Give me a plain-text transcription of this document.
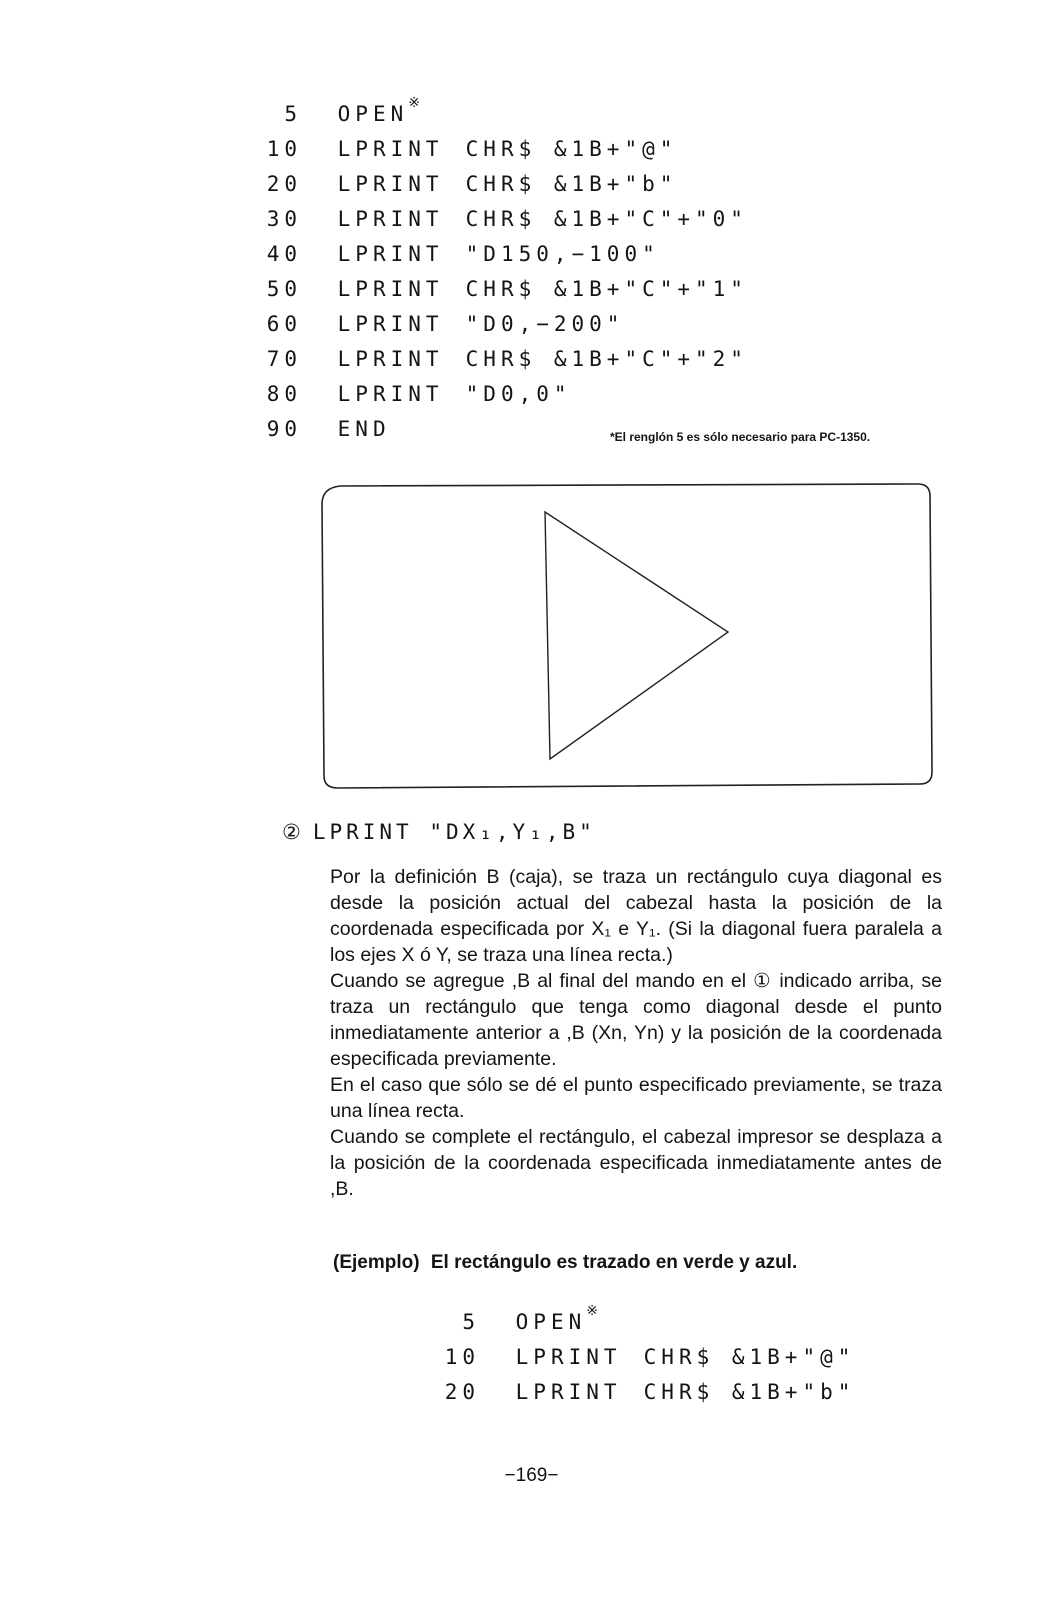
5 OPEN※
10 LPRINT CHR$ &1B+"@"
20 LPRINT CHR$ &1B+"b"
30 LPRINT CHR$ &1B+"C"+"0"
40 LPRINT "D150,−100"
50 LPRINT CHR$ &1B+"C"+"1"
60 LPRINT "D0,−200"
70 LPRINT CHR$ &1B+"C"+"2"
80 LPRINT "D0,0"
90 END	*El renglón 5 es sólo necesario para PC-1350.
② LPRINT "DX₁,Y₁,B"

Por la definición B (caja), se traza un rectángulo cuya diagonal es desde la posición actual del cabezal hasta la posición de la coordenada especificada por X₁ e Y₁. (Si la diagonal fuera paralela a los ejes X ó Y, se traza una línea recta.)

Cuando se agregue ,B al final del mando en el ① indicado arriba, se traza un rectángulo que tenga como diagonal desde el punto inmediatamente anterior a ,B (Xn, Yn) y la posición de la coordenada especificada previamente.

En el caso que sólo se dé el punto especificado previamente, se traza una línea recta.

Cuando se complete el rectángulo, el cabezal impresor se desplaza a la posición de la coordenada especificada inmediatamente antes de ,B.

(Ejemplo) El rectángulo es trazado en verde y azul.
5 OPEN※
10 LPRINT CHR$ &1B+"@"
20 LPRINT CHR$ &1B+"b"
−169−
